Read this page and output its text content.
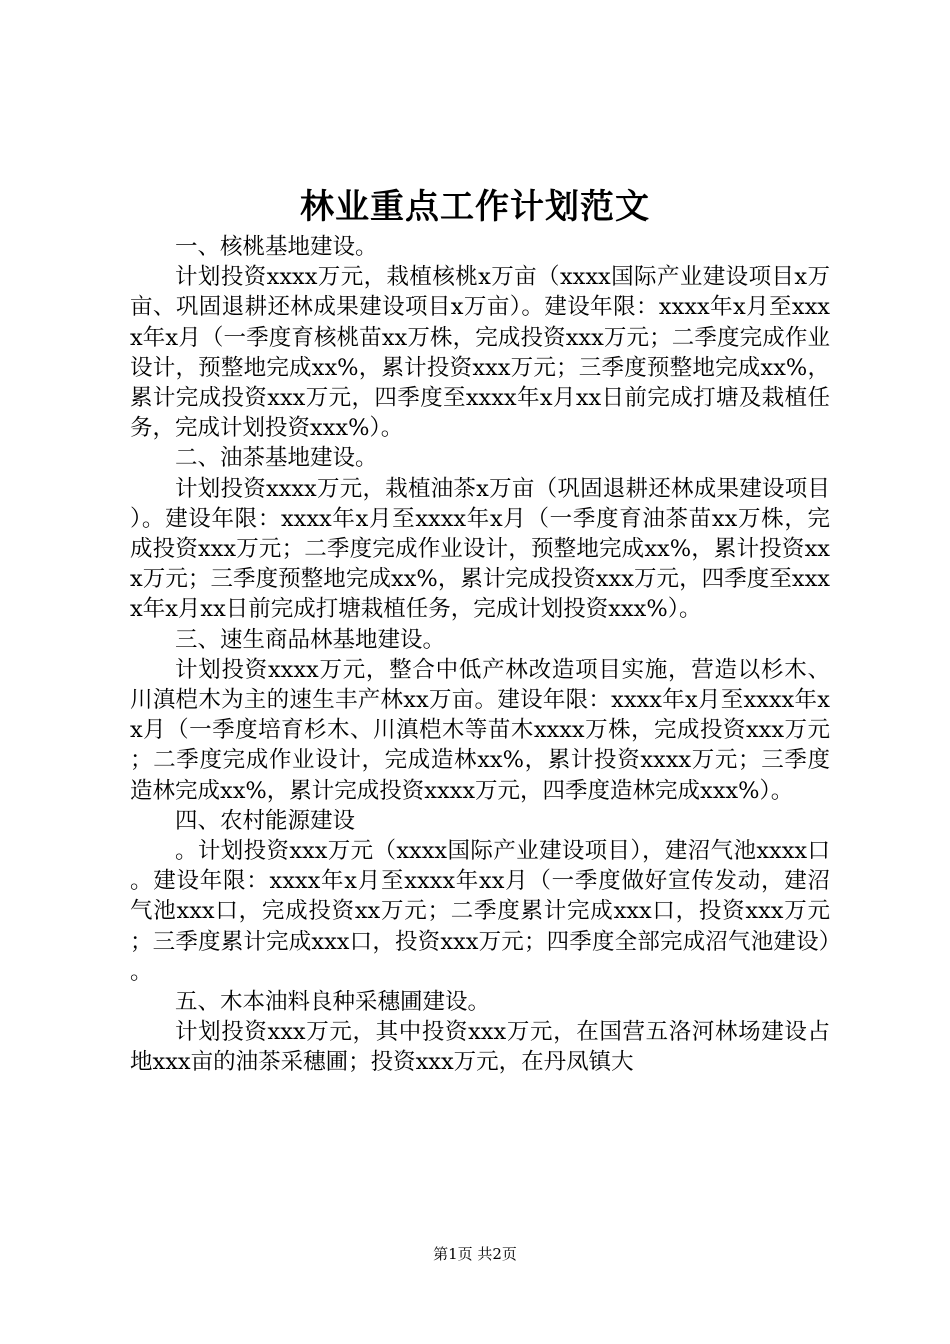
林业重点工作计划范文

一、核桃基地建设。

计划投资xxxx万元，栽植核桃x万亩（xxxx国际产业建设项目x万亩、巩固退耕还林成果建设项目x万亩）。建设年限：xxxx年x月至xxxx年x月（一季度育核桃苗xx万株，完成投资xxx万元；二季度完成作业设计，预整地完成xx%，累计投资xxx万元；三季度预整地完成xx%，累计完成投资xxx万元，四季度至xxxx年x月xx日前完成打塘及栽植任务，完成计划投资xxx%）。

二、油茶基地建设。

计划投资xxxx万元，栽植油茶x万亩（巩固退耕还林成果建设项目）。建设年限：xxxx年x月至xxxx年x月（一季度育油茶苗xx万株，完成投资xxx万元；二季度完成作业设计，预整地完成xx%，累计投资xxx万元；三季度预整地完成xx%，累计完成投资xxx万元，四季度至xxxx年x月xx日前完成打塘栽植任务，完成计划投资xxx%）。

三、速生商品林基地建设。

计划投资xxxx万元，整合中低产林改造项目实施，营造以杉木、川滇桤木为主的速生丰产林xx万亩。建设年限：xxxx年x月至xxxx年xx月（一季度培育杉木、川滇桤木等苗木xxxx万株，完成投资xxx万元；二季度完成作业设计，完成造林xx%，累计投资xxxx万元；三季度造林完成xx%，累计完成投资xxxx万元，四季度造林完成xxx%）。

四、农村能源建设

。计划投资xxx万元（xxxx国际产业建设项目），建沼气池xxxx口。建设年限：xxxx年x月至xxxx年xx月（一季度做好宣传发动，建沼气池xxx口，完成投资xx万元；二季度累计完成xxx口，投资xxx万元；三季度累计完成xxx口，投资xxx万元；四季度全部完成沼气池建设）。

五、木本油料良种采穗圃建设。

计划投资xxx万元，其中投资xxx万元，在国营五洛河林场建设占地xxx亩的油茶采穗圃；投资xxx万元，在丹凤镇大

第1页 共2页
